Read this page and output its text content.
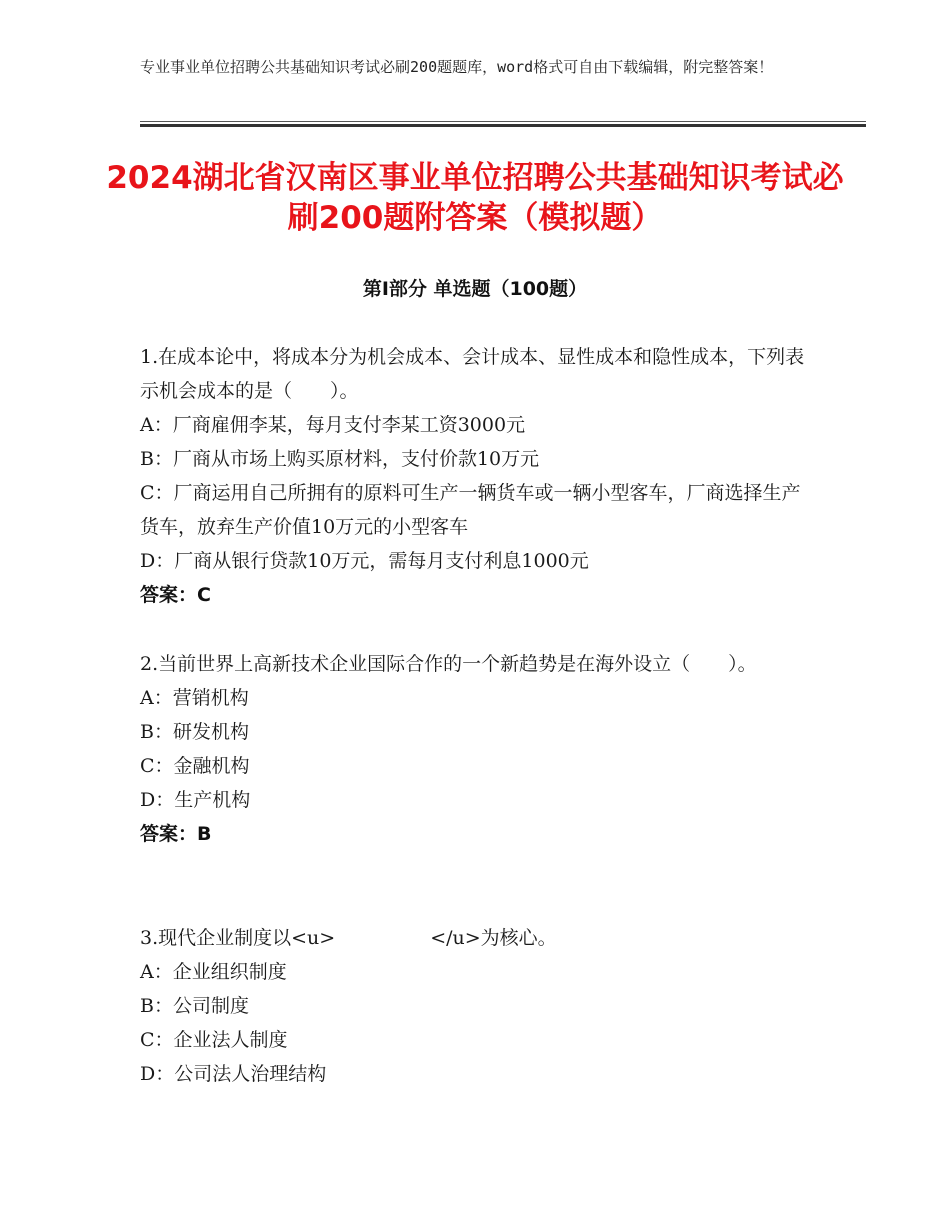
专业事业单位招聘公共基础知识考试必刷200题题库，word格式可自由下载编辑，附完整答案！
2024湖北省汉南区事业单位招聘公共基础知识考试必刷200题附答案（模拟题）
第Ⅰ部分 单选题（100题）

1.在成本论中，将成本分为机会成本、会计成本、显性成本和隐性成本，下列表示机会成本的是（　　）。

A：厂商雇佣李某，每月支付李某工资3000元

B：厂商从市场上购买原材料，支付价款10万元

C：厂商运用自己所拥有的原料可生产一辆货车或一辆小型客车，厂商选择生产货车，放弃生产价值10万元的小型客车

D：厂商从银行贷款10万元，需每月支付利息1000元

答案：C

2.当前世界上高新技术企业国际合作的一个新趋势是在海外设立（　　）。

A：营销机构

B：研发机构

C：金融机构

D：生产机构

答案：B

3.现代企业制度以<u>　　　　　</u>为核心。

A：企业组织制度

B：公司制度

C：企业法人制度

D：公司法人治理结构
